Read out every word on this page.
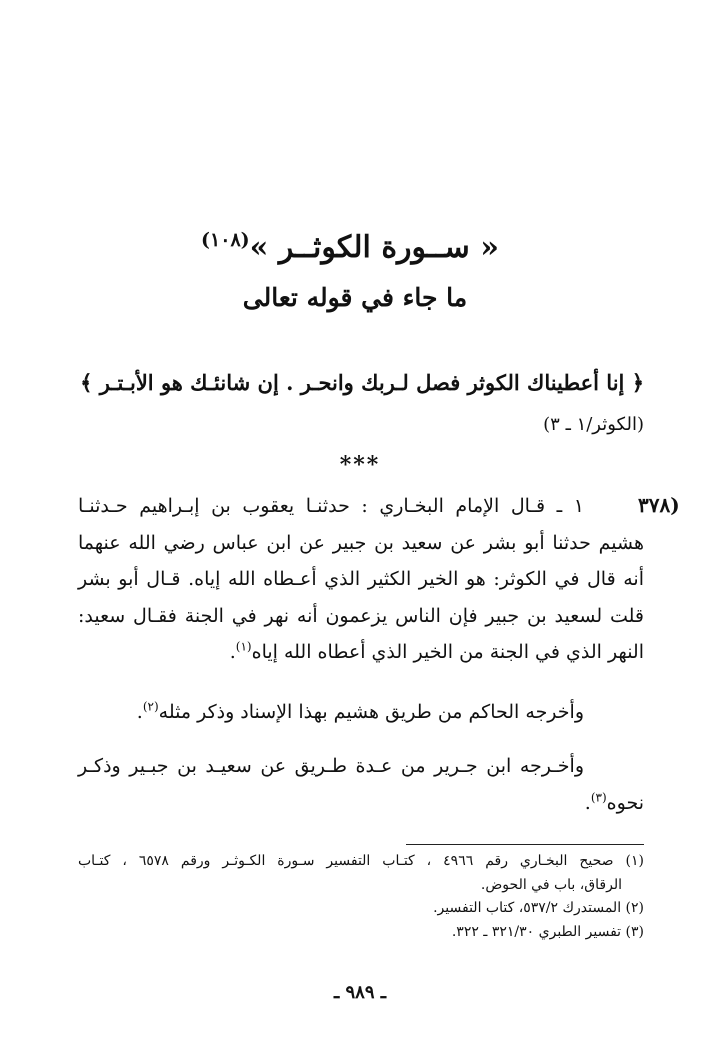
« ســورة الكوثــر »$^{(١٠٨)}$
ما جاء في قوله تعالى
﴿ إنا أعطيناك الكوثر فصل لـربك وانحـر . إن شانئـك هو الأبـتـر ﴾
(الكوثر/١ ـ ٣)
***
(٣٧٨
١ ـ قـال الإمام البخـاري : حدثنـا يعقوب بن إبـراهيم حـدثنـا
هشيم حدثنا أبو بشر عن سعيد بن جبير عن ابن عباس رضي الله عنهما
أنه قال في الكوثر: هو الخير الكثير الذي أعـطاه الله إياه. قـال أبو بشر
قلت لسعيد بن جبير فإن الناس يزعمون أنه نهر في الجنة فقـال سعيد:
النهر الذي في الجنة من الخير الذي أعطاه الله إياه$^{(١)}$.
وأخرجه الحاكم من طريق هشيم بهذا الإسناد وذكر مثله$^{(٢)}$.
وأخـرجه ابن جـرير من عـدة طـريق عن سعيـد بن جبـير وذكـر
نحوه$^{(٣)}$.
(١) صحيح البخـاري رقم ٤٩٦٦ ، كتـاب التفسير سـورة الكـوثـر ورقم ٦٥٧٨ ، كتـاب
الرقاق، باب في الحوض.
(٢) المستدرك ٥٣٧/٢، كتاب التفسير.
(٣) تفسير الطبري ٣٢١/٣٠ ـ ٣٢٢.
ـ ٩٨٩ ـ
